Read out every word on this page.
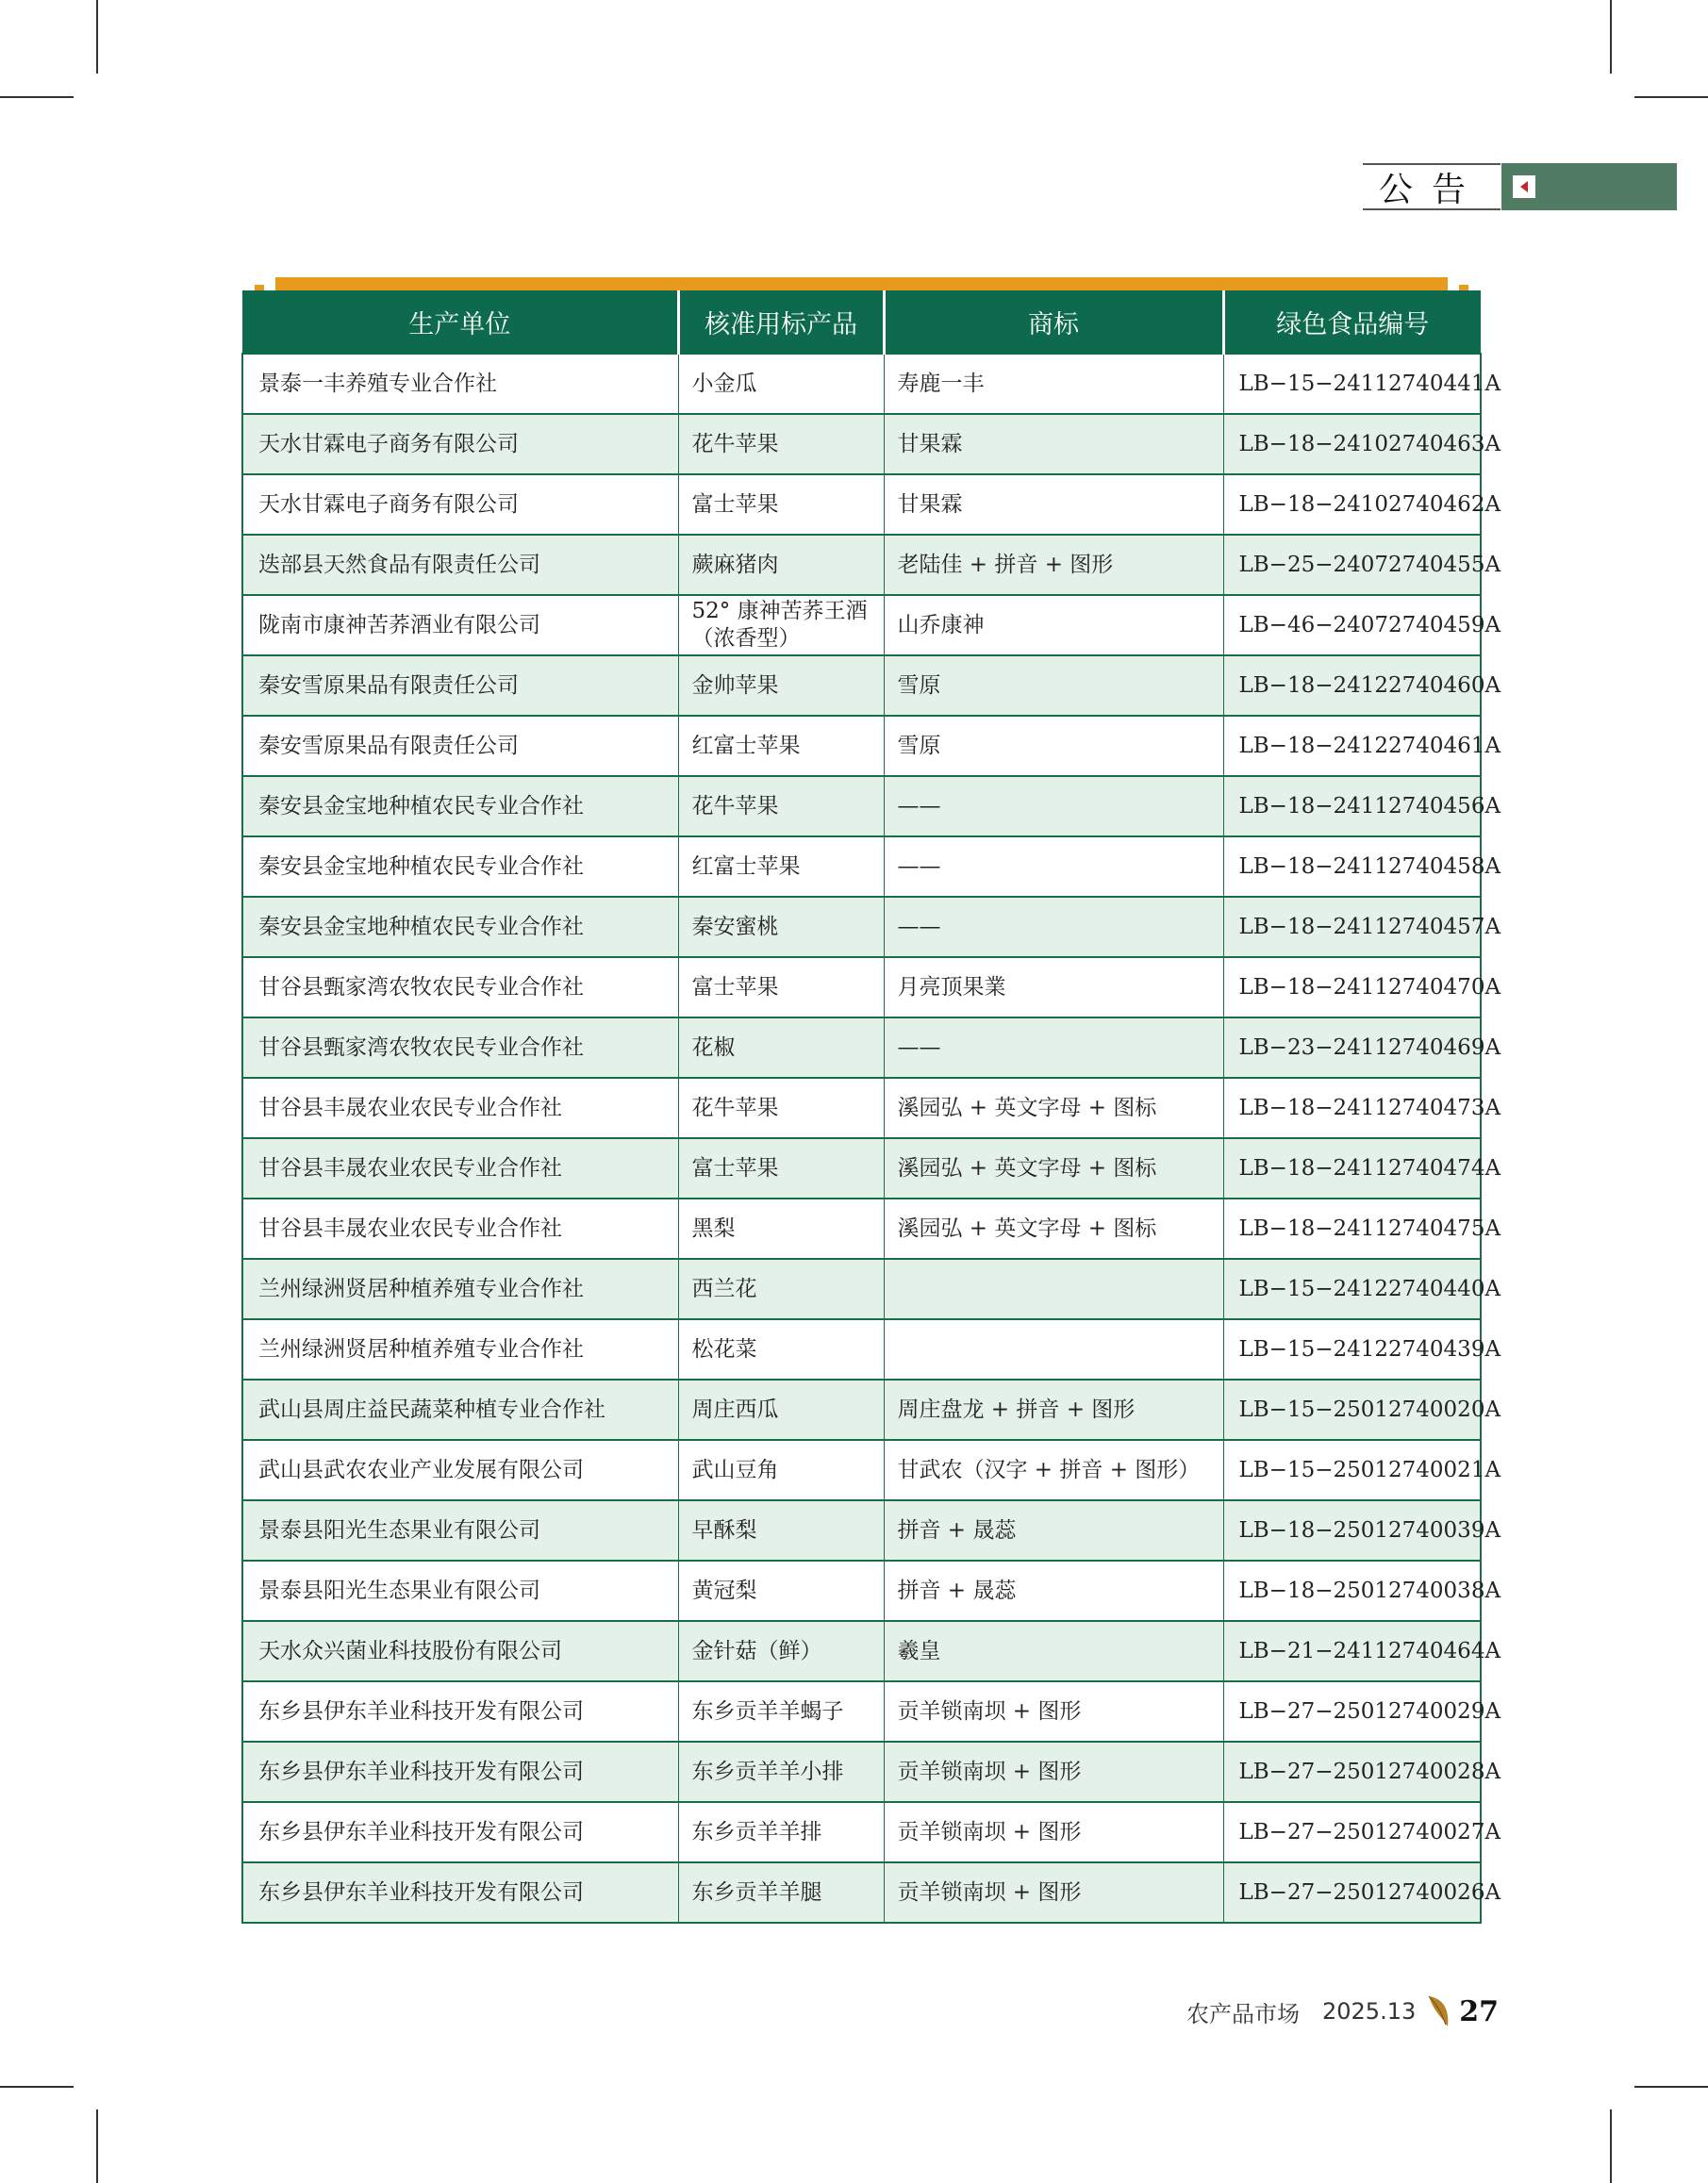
公告
生产单位	核准用标产品	商标	绿色食品编号
景泰一丰养殖专业合作社	小金瓜	寿鹿一丰	LB−15−24112740441A
天水甘霖电子商务有限公司	花牛苹果	甘果霖	LB−18−24102740463A
天水甘霖电子商务有限公司	富士苹果	甘果霖	LB−18−24102740462A
迭部县天然食品有限责任公司	蕨麻猪肉	老陆佳 + 拼音 + 图形	LB−25−24072740455A
陇南市康神苦荞酒业有限公司	52° 康神苦荞王酒（浓香型）	山乔康神	LB−46−24072740459A
秦安雪原果品有限责任公司	金帅苹果	雪原	LB−18−24122740460A
秦安雪原果品有限责任公司	红富士苹果	雪原	LB−18−24122740461A
秦安县金宝地种植农民专业合作社	花牛苹果	——	LB−18−24112740456A
秦安县金宝地种植农民专业合作社	红富士苹果	——	LB−18−24112740458A
秦安县金宝地种植农民专业合作社	秦安蜜桃	——	LB−18−24112740457A
甘谷县甄家湾农牧农民专业合作社	富士苹果	月亮顶果業	LB−18−24112740470A
甘谷县甄家湾农牧农民专业合作社	花椒	——	LB−23−24112740469A
甘谷县丰晟农业农民专业合作社	花牛苹果	溪园弘 + 英文字母 + 图标	LB−18−24112740473A
甘谷县丰晟农业农民专业合作社	富士苹果	溪园弘 + 英文字母 + 图标	LB−18−24112740474A
甘谷县丰晟农业农民专业合作社	黑梨	溪园弘 + 英文字母 + 图标	LB−18−24112740475A
兰州绿洲贤居种植养殖专业合作社	西兰花		LB−15−24122740440A
兰州绿洲贤居种植养殖专业合作社	松花菜		LB−15−24122740439A
武山县周庄益民蔬菜种植专业合作社	周庄西瓜	周庄盘龙 + 拼音 + 图形	LB−15−25012740020A
武山县武农农业产业发展有限公司	武山豆角	甘武农（汉字 + 拼音 + 图形）	LB−15−25012740021A
景泰县阳光生态果业有限公司	早酥梨	拼音 + 晟蕊	LB−18−25012740039A
景泰县阳光生态果业有限公司	黄冠梨	拼音 + 晟蕊	LB−18−25012740038A
天水众兴菌业科技股份有限公司	金针菇（鲜）	羲皇	LB−21−24112740464A
东乡县伊东羊业科技开发有限公司	东乡贡羊羊蝎子	贡羊锁南坝 + 图形	LB−27−25012740029A
东乡县伊东羊业科技开发有限公司	东乡贡羊羊小排	贡羊锁南坝 + 图形	LB−27−25012740028A
东乡县伊东羊业科技开发有限公司	东乡贡羊羊排	贡羊锁南坝 + 图形	LB−27−25012740027A
东乡县伊东羊业科技开发有限公司	东乡贡羊羊腿	贡羊锁南坝 + 图形	LB−27−25012740026A
农产品市场 2025.13 27
